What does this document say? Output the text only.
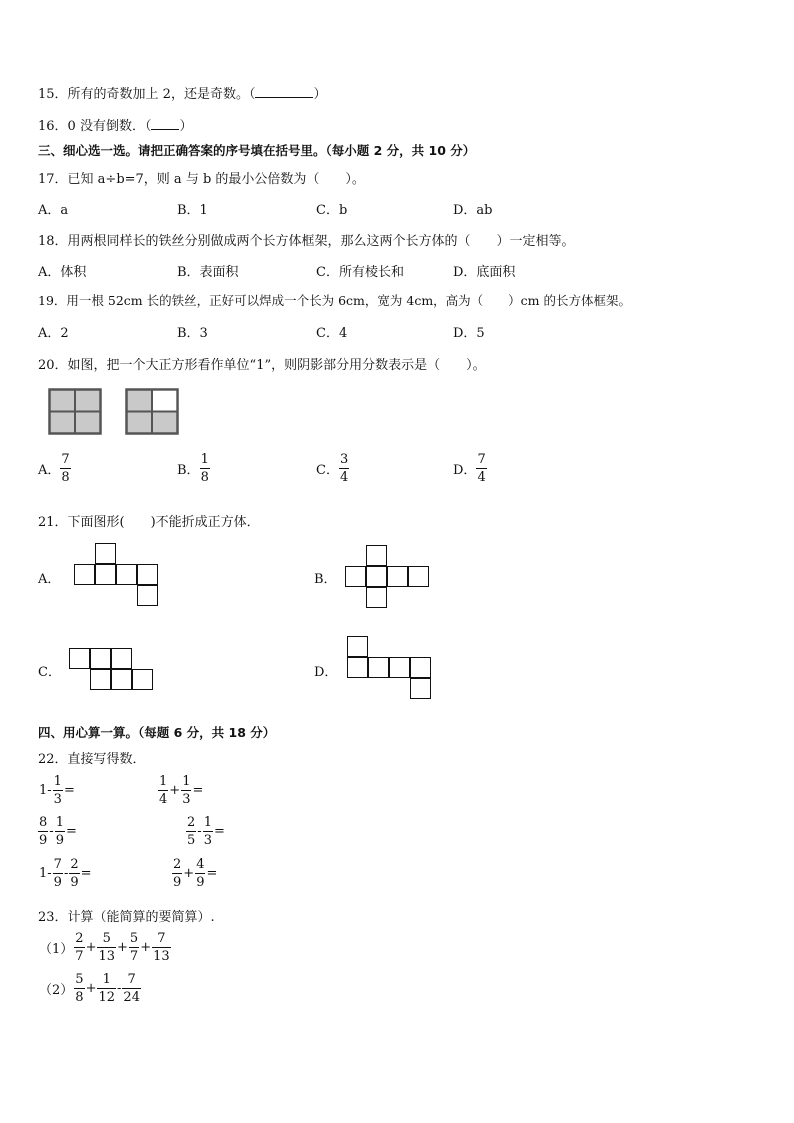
15．所有的奇数加上 2，还是奇数。（	）
16．0 没有倒数．（ ）
三、细心选一选。请把正确答案的序号填在括号里。（每小题 2 分，共 10 分）
17．已知 a÷b=7，则 a 与 b 的最小公倍数为（　　）。
A．a	B．1	C．b	D．ab
18．用两根同样长的铁丝分别做成两个长方体框架，那么这两个长方体的（　　）一定相等。
A．体积	B．表面积	C．所有棱长和	D．底面积
19．用一根 52cm 长的铁丝，正好可以焊成一个长为 6cm，宽为 4cm，高为（　　）cm 的长方体框架。
A．2	B．3	C．4	D．5
20．如图，把一个大正方形看作单位“1”，则阴影部分用分数表示是（　　）。
A． $\frac{7}{8}$	B． $\frac{1}{8}$	C． $\frac{3}{4}$	D． $\frac{7}{4}$
21．下面图形(　　)不能折成正方体．
A．	B．
C．	D．
四、用心算一算。（每题 6 分，共 18 分）
22．直接写得数．
$1- \frac{1}{3}$ =	$\frac{1}{4} + \frac{1}{3}$ =
$\frac{8}{9} - \frac{1}{9}$ =	$\frac{2}{5} - \frac{1}{3}$ =
$1- \frac{7}{9} - \frac{2}{9}$ =	$\frac{2}{9} + \frac{4}{9}$ =
23．计算（能简算的要简算）.
$(1) \frac{2}{7} + \frac{5}{13} + \frac{5}{7} + \frac{7}{13}$
$(2) \frac{5}{8} + \frac{1}{12} - \frac{7}{24}$
